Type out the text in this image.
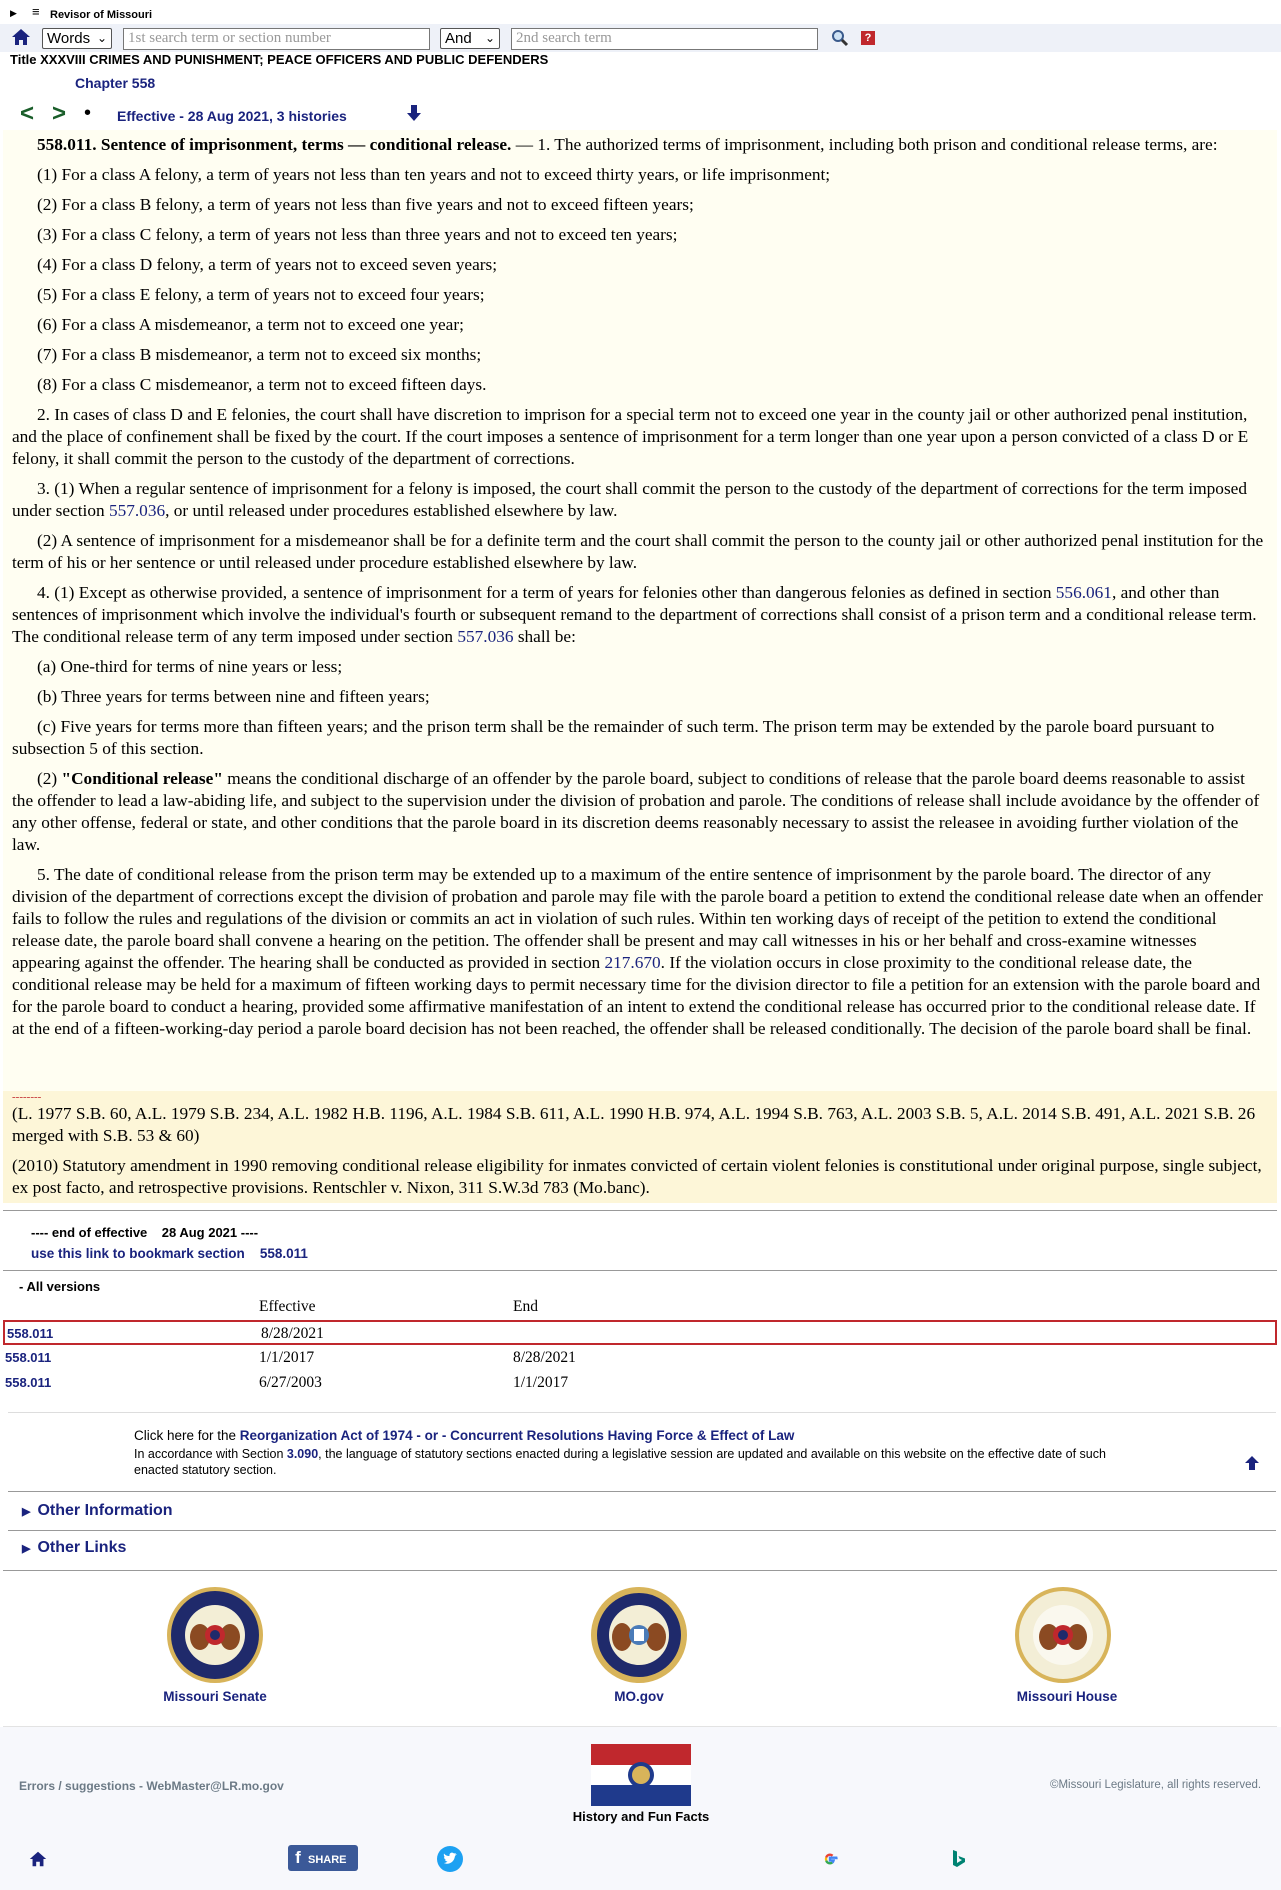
▶ ≡ Revisor of Missouri
Words ⌄	1st search term or section number	And ⌄	2nd search term	?
Title XXXVIII CRIMES AND PUNISHMENT; PEACE OFFICERS AND PUBLIC DEFENDERS
Chapter 558
< > • Effective - 28 Aug 2021, 3 histories

558.011. Sentence of imprisonment, terms — conditional release. — 1. The authorized terms of imprisonment, including both prison and conditional release terms, are:

(1) For a class A felony, a term of years not less than ten years and not to exceed thirty years, or life imprisonment;

(2) For a class B felony, a term of years not less than five years and not to exceed fifteen years;

(3) For a class C felony, a term of years not less than three years and not to exceed ten years;

(4) For a class D felony, a term of years not to exceed seven years;

(5) For a class E felony, a term of years not to exceed four years;

(6) For a class A misdemeanor, a term not to exceed one year;

(7) For a class B misdemeanor, a term not to exceed six months;

(8) For a class C misdemeanor, a term not to exceed fifteen days.

2. In cases of class D and E felonies, the court shall have discretion to imprison for a special term not to exceed one year in the county jail or other authorized penal institution, and the place of confinement shall be fixed by the court. If the court imposes a sentence of imprisonment for a term longer than one year upon a person convicted of a class D or E felony, it shall commit the person to the custody of the department of corrections.

3. (1) When a regular sentence of imprisonment for a felony is imposed, the court shall commit the person to the custody of the department of corrections for the term imposed under section 557.036, or until released under procedures established elsewhere by law.

(2) A sentence of imprisonment for a misdemeanor shall be for a definite term and the court shall commit the person to the county jail or other authorized penal institution for the term of his or her sentence or until released under procedure established elsewhere by law.

4. (1) Except as otherwise provided, a sentence of imprisonment for a term of years for felonies other than dangerous felonies as defined in section 556.061, and other than sentences of imprisonment which involve the individual's fourth or subsequent remand to the department of corrections shall consist of a prison term and a conditional release term. The conditional release term of any term imposed under section 557.036 shall be:

(a) One-third for terms of nine years or less;

(b) Three years for terms between nine and fifteen years;

(c) Five years for terms more than fifteen years; and the prison term shall be the remainder of such term. The prison term may be extended by the parole board pursuant to subsection 5 of this section.

(2) "Conditional release" means the conditional discharge of an offender by the parole board, subject to conditions of release that the parole board deems reasonable to assist the offender to lead a law-abiding life, and subject to the supervision under the division of probation and parole. The conditions of release shall include avoidance by the offender of any other offense, federal or state, and other conditions that the parole board in its discretion deems reasonably necessary to assist the releasee in avoiding further violation of the law.

5. The date of conditional release from the prison term may be extended up to a maximum of the entire sentence of imprisonment by the parole board. The director of any division of the department of corrections except the division of probation and parole may file with the parole board a petition to extend the conditional release date when an offender fails to follow the rules and regulations of the division or commits an act in violation of such rules. Within ten working days of receipt of the petition to extend the conditional release date, the parole board shall convene a hearing on the petition. The offender shall be present and may call witnesses in his or her behalf and cross-examine witnesses appearing against the offender. The hearing shall be conducted as provided in section 217.670. If the violation occurs in close proximity to the conditional release date, the conditional release may be held for a maximum of fifteen working days to permit necessary time for the division director to file a petition for an extension with the parole board and for the parole board to conduct a hearing, provided some affirmative manifestation of an intent to extend the conditional release has occurred prior to the conditional release date. If at the end of a fifteen-working-day period a parole board decision has not been reached, the offender shall be released conditionally. The decision of the parole board shall be final.

--------

(L. 1977 S.B. 60, A.L. 1979 S.B. 234, A.L. 1982 H.B. 1196, A.L. 1984 S.B. 611, A.L. 1990 H.B. 974, A.L. 1994 S.B. 763, A.L. 2003 S.B. 5, A.L. 2014 S.B. 491, A.L. 2021 S.B. 26 merged with S.B. 53 & 60)

(2010) Statutory amendment in 1990 removing conditional release eligibility for inmates convicted of certain violent felonies is constitutional under original purpose, single subject, ex post facto, and retrospective provisions. Rentschler v. Nixon, 311 S.W.3d 783 (Mo.banc).

---- end of effective 28 Aug 2021 ----
use this link to bookmark section 558.011
- All versions
Effective	End
558.011	8/28/2021
558.011	1/1/2017	8/28/2021
558.011	6/27/2003	1/1/2017
Click here for the Reorganization Act of 1974 - or - Concurrent Resolutions Having Force & Effect of Law
In accordance with Section 3.090, the language of statutory sections enacted during a legislative session are updated and available on this website on the effective date of such enacted statutory section.
▶ Other Information
▶ Other Links
Missouri Senate	MO.gov	Missouri House
Errors / suggestions - WebMaster@LR.mo.gov
History and Fun Facts
©Missouri Legislature, all rights reserved.
fSHARE
